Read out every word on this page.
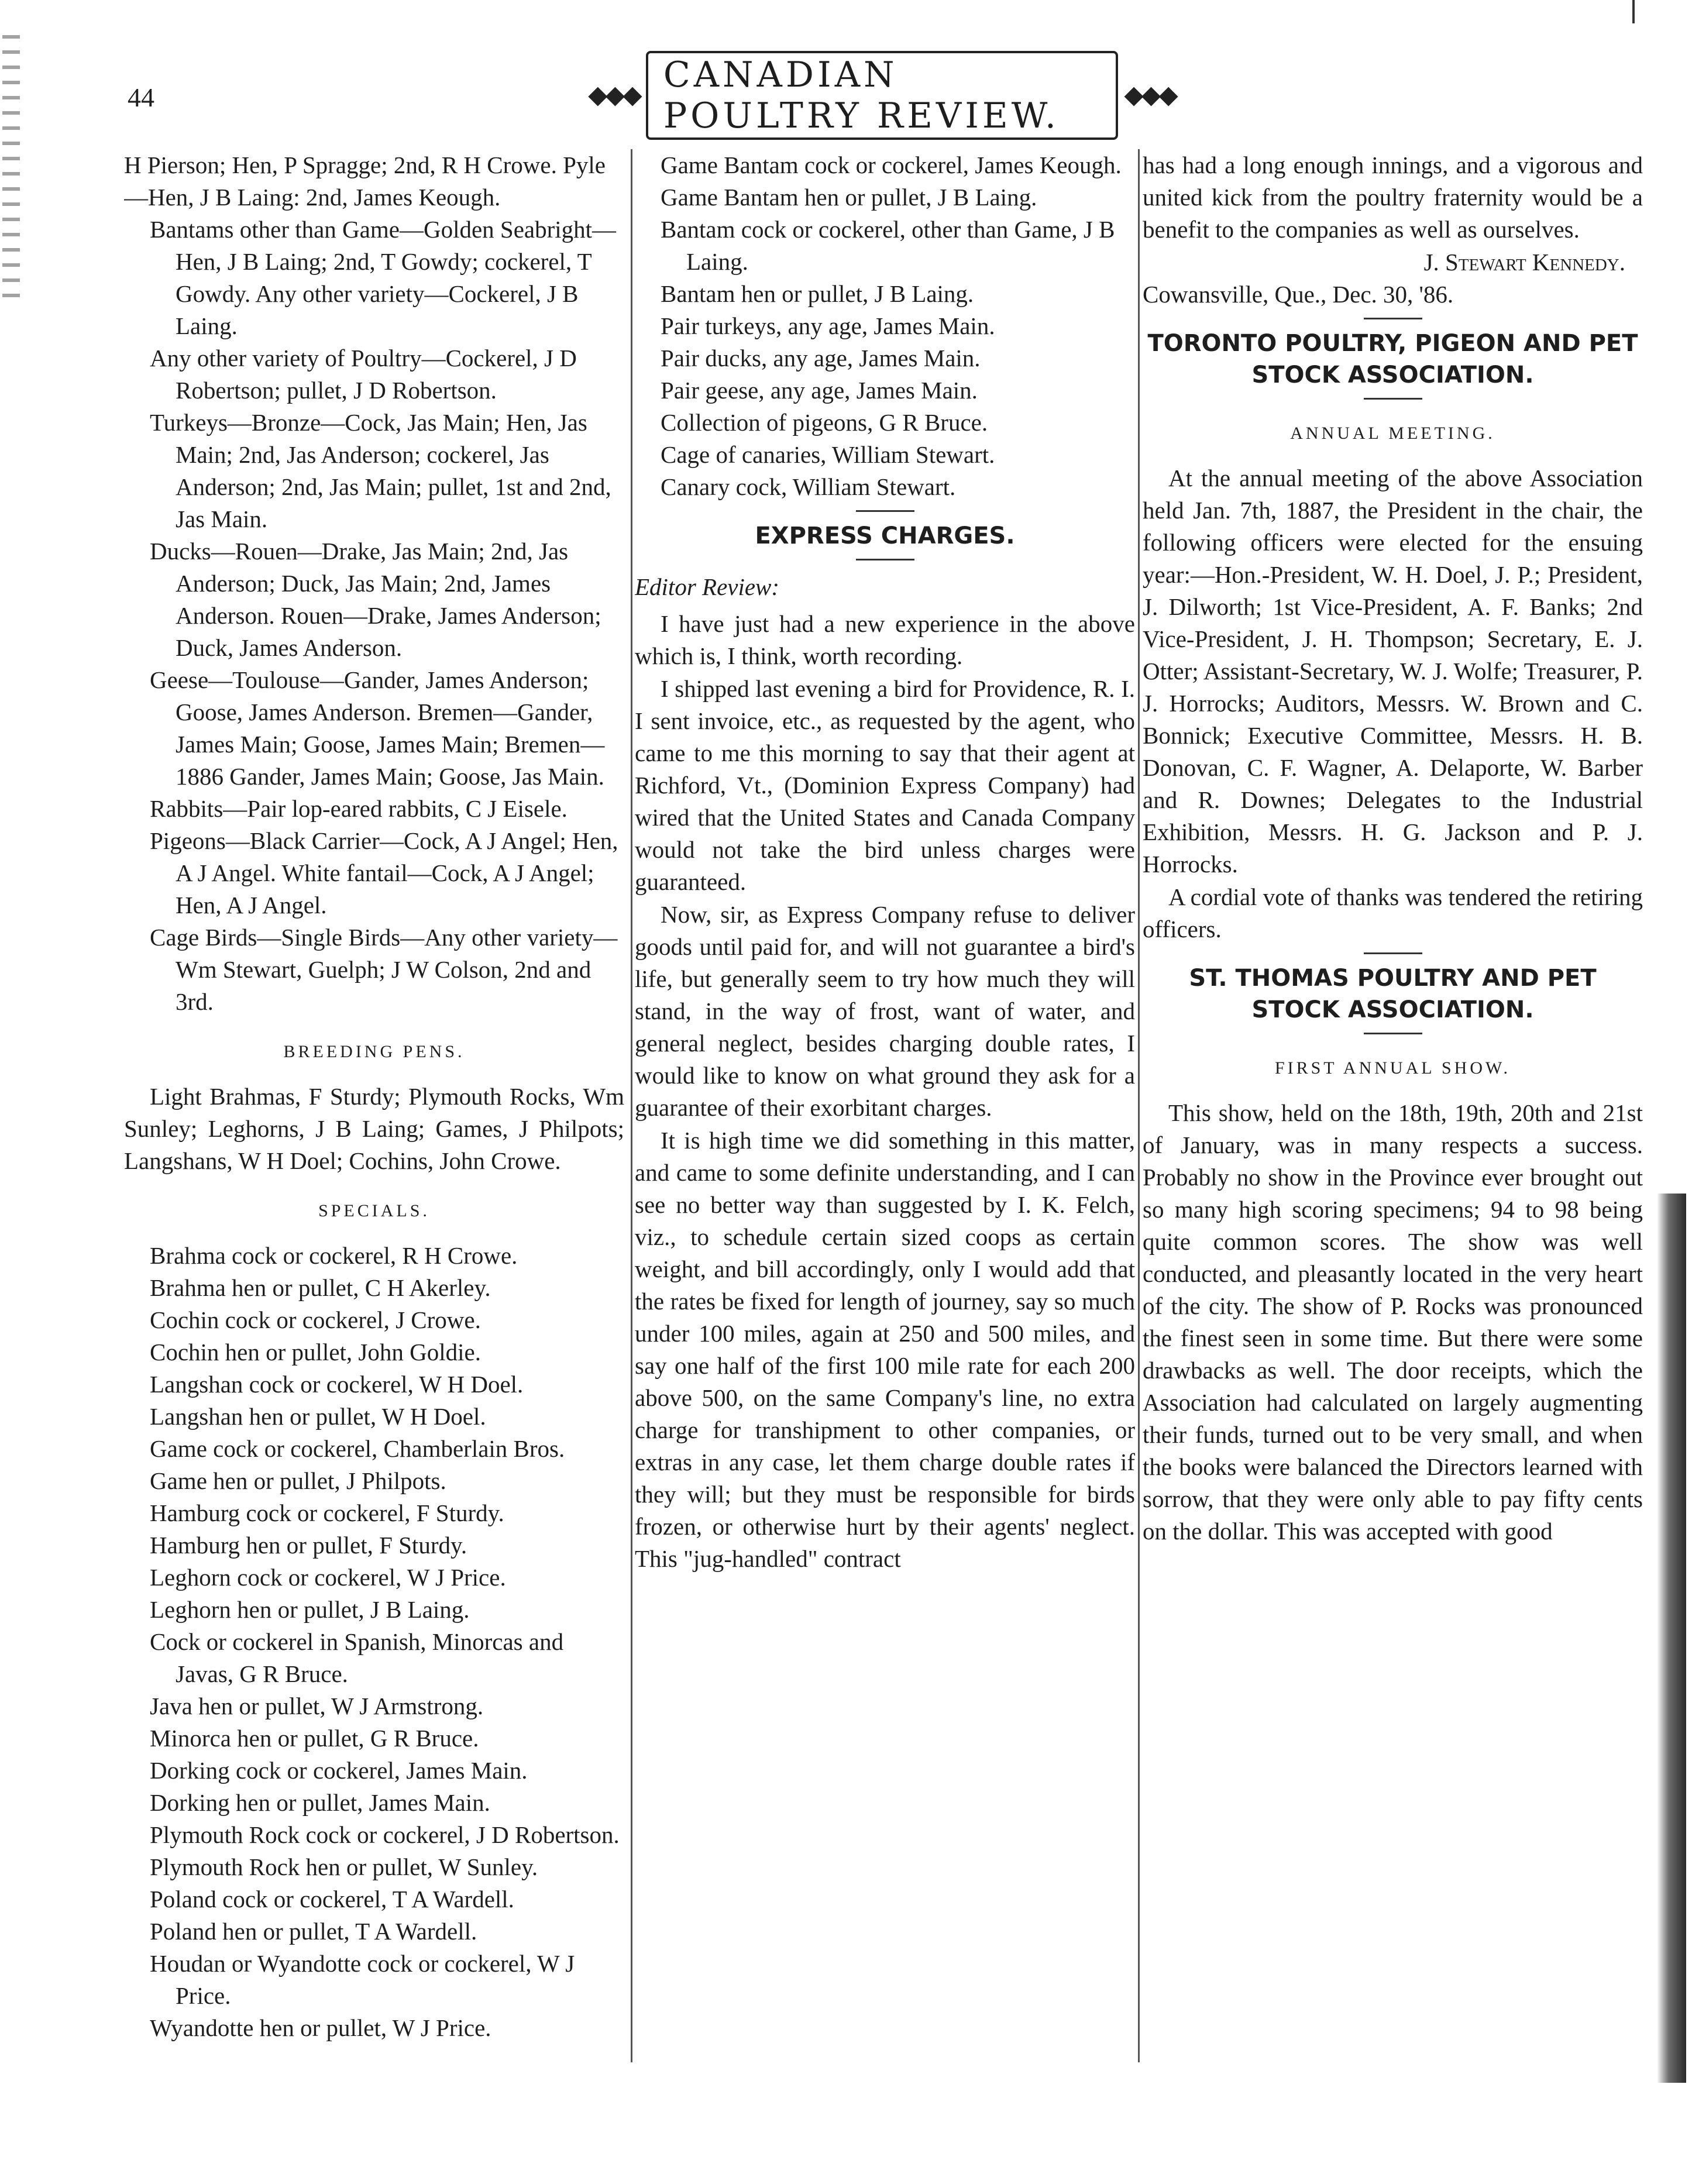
44	⬥⬥⬥ CANADIAN POULTRY REVIEW.
⬥⬥⬥
H Pierson; Hen, P Spragge; 2nd, R H Crowe. Pyle—Hen, J B Laing: 2nd, James Keough.
Bantams other than Game—Golden Seabright—Hen, J B Laing; 2nd, T Gowdy; cockerel, T Gowdy. Any other variety—Cockerel, J B Laing.
Any other variety of Poultry—Cockerel, J D Robertson; pullet, J D Robertson.
Turkeys—Bronze—Cock, Jas Main; Hen, Jas Main; 2nd, Jas Anderson; cockerel, Jas Anderson; 2nd, Jas Main; pullet, 1st and 2nd, Jas Main.
Ducks—Rouen—Drake, Jas Main; 2nd, Jas Anderson; Duck, Jas Main; 2nd, James Anderson. Rouen—Drake, James Anderson; Duck, James Anderson.
Geese—Toulouse—Gander, James Anderson; Goose, James Anderson. Bremen—Gander, James Main; Goose, James Main; Bremen—1886 Gander, James Main; Goose, Jas Main.
Rabbits—Pair lop-eared rabbits, C J Eisele.
Pigeons—Black Carrier—Cock, A J Angel; Hen, A J Angel. White fantail—Cock, A J Angel; Hen, A J Angel.
Cage Birds—Single Birds—Any other variety—Wm Stewart, Guelph; J W Colson, 2nd and 3rd.
BREEDING PENS.

Light Brahmas, F Sturdy; Plymouth Rocks, Wm Sunley; Leghorns, J B Laing; Games, J Philpots; Langshans, W H Doel; Cochins, John Crowe.

SPECIALS.
Brahma cock or cockerel, R H Crowe.
Brahma hen or pullet, C H Akerley.
Cochin cock or cockerel, J Crowe.
Cochin hen or pullet, John Goldie.
Langshan cock or cockerel, W H Doel.
Langshan hen or pullet, W H Doel.
Game cock or cockerel, Chamberlain Bros.
Game hen or pullet, J Philpots.
Hamburg cock or cockerel, F Sturdy.
Hamburg hen or pullet, F Sturdy.
Leghorn cock or cockerel, W J Price.
Leghorn hen or pullet, J B Laing.
Cock or cockerel in Spanish, Minorcas and Javas, G R Bruce.
Java hen or pullet, W J Armstrong.
Minorca hen or pullet, G R Bruce.
Dorking cock or cockerel, James Main.
Dorking hen or pullet, James Main.
Plymouth Rock cock or cockerel, J D Robertson.
Plymouth Rock hen or pullet, W Sunley.
Poland cock or cockerel, T A Wardell.
Poland hen or pullet, T A Wardell.
Houdan or Wyandotte cock or cockerel, W J Price.
Wyandotte hen or pullet, W J Price.
Game Bantam cock or cockerel, James Keough.
Game Bantam hen or pullet, J B Laing.
Bantam cock or cockerel, other than Game, J B Laing.
Bantam hen or pullet, J B Laing.
Pair turkeys, any age, James Main.
Pair ducks, any age, James Main.
Pair geese, any age, James Main.
Collection of pigeons, G R Bruce.
Cage of canaries, William Stewart.
Canary cock, William Stewart.
EXPRESS CHARGES.
Editor Review:

I have just had a new experience in the above which is, I think, worth recording.

I shipped last evening a bird for Providence, R. I. I sent invoice, etc., as requested by the agent, who came to me this morning to say that their agent at Richford, Vt., (Dominion Express Company) had wired that the United States and Canada Company would not take the bird unless charges were guaranteed.

Now, sir, as Express Company refuse to deliver goods until paid for, and will not guarantee a bird's life, but generally seem to try how much they will stand, in the way of frost, want of water, and general neglect, besides charging double rates, I would like to know on what ground they ask for a guarantee of their exorbitant charges.

It is high time we did something in this matter, and came to some definite understanding, and I can see no better way than suggested by I. K. Felch, viz., to schedule certain sized coops as certain weight, and bill accordingly, only I would add that the rates be fixed for length of journey, say so much under 100 miles, again at 250 and 500 miles, and say one half of the first 100 mile rate for each 200 above 500, on the same Company's line, no extra charge for transhipment to other companies, or extras in any case, let them charge double rates if they will; but they must be responsible for birds frozen, or otherwise hurt by their agents' neglect. This "jug-handled" contract

has had a long enough innings, and a vigorous and united kick from the poultry fraternity would be a benefit to the companies as well as ourselves.

J. Stewart Kennedy.

Cowansville, Que., Dec. 30, '86.

TORONTO POULTRY, PIGEON AND PET STOCK ASSOCIATION.
ANNUAL MEETING.

At the annual meeting of the above Association held Jan. 7th, 1887, the President in the chair, the following officers were elected for the ensuing year:—Hon.-President, W. H. Doel, J. P.; President, J. Dilworth; 1st Vice-President, A. F. Banks; 2nd Vice-President, J. H. Thompson; Secretary, E. J. Otter; Assistant-Secretary, W. J. Wolfe; Treasurer, P. J. Horrocks; Auditors, Messrs. W. Brown and C. Bonnick; Executive Committee, Messrs. H. B. Donovan, C. F. Wagner, A. Delaporte, W. Barber and R. Downes; Delegates to the Industrial Exhibition, Messrs. H. G. Jackson and P. J. Horrocks.

A cordial vote of thanks was tendered the retiring officers.

ST. THOMAS POULTRY AND PET STOCK ASSOCIATION.
FIRST ANNUAL SHOW.

This show, held on the 18th, 19th, 20th and 21st of January, was in many respects a success. Probably no show in the Province ever brought out so many high scoring specimens; 94 to 98 being quite common scores. The show was well conducted, and pleasantly located in the very heart of the city. The show of P. Rocks was pronounced the finest seen in some time. But there were some drawbacks as well. The door receipts, which the Association had calculated on largely augmenting their funds, turned out to be very small, and when the books were balanced the Directors learned with sorrow, that they were only able to pay fifty cents on the dollar. This was accepted with good
